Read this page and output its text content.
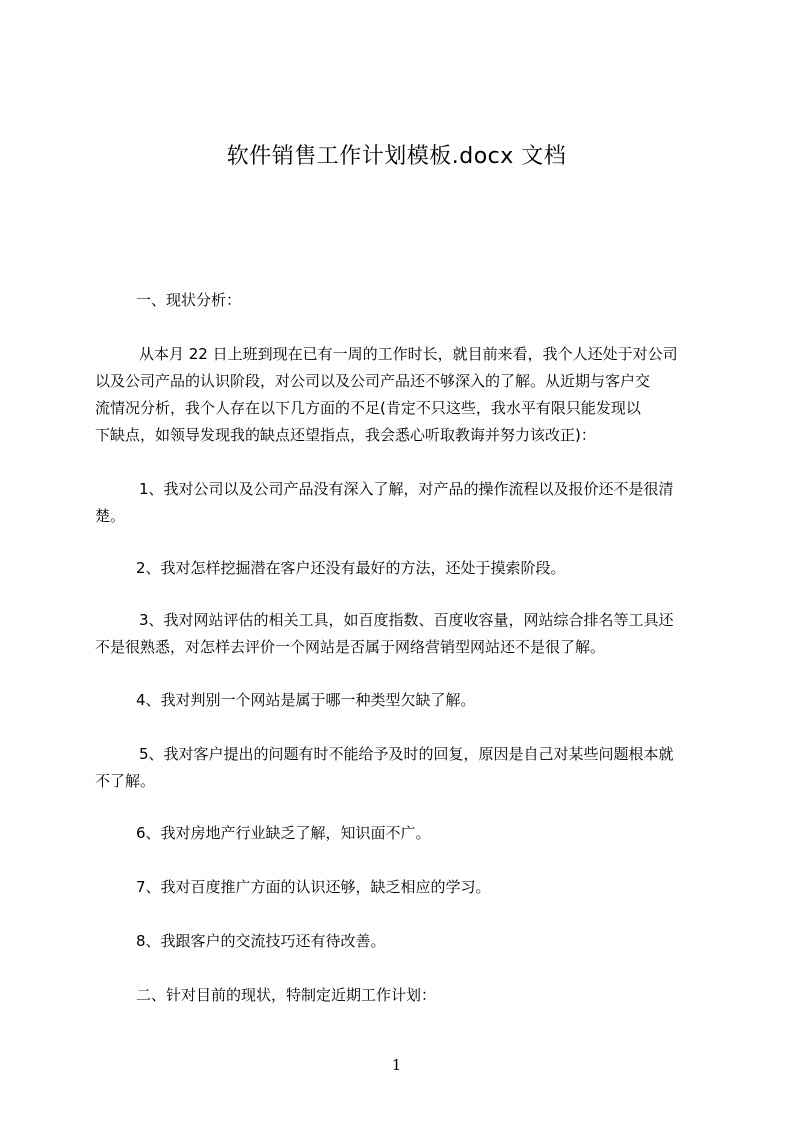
软件销售工作计划模板.docx 文档
一、现状分析：
从本月 22 日上班到现在已有一周的工作时长，就目前来看，我个人还处于对公司
以及公司产品的认识阶段，对公司以及公司产品还不够深入的了解。从近期与客户交
流情况分析，我个人存在以下几方面的不足(肯定不只这些，我水平有限只能发现以
下缺点，如领导发现我的缺点还望指点，我会悉心听取教诲并努力该改正)：
1、我对公司以及公司产品没有深入了解，对产品的操作流程以及报价还不是很清
楚。
2、我对怎样挖掘潜在客户还没有最好的方法，还处于摸索阶段。
3、我对网站评估的相关工具，如百度指数、百度收容量，网站综合排名等工具还
不是很熟悉，对怎样去评价一个网站是否属于网络营销型网站还不是很了解。
4、我对判别一个网站是属于哪一种类型欠缺了解。
5、我对客户提出的问题有时不能给予及时的回复，原因是自己对某些问题根本就
不了解。
6、我对房地产行业缺乏了解，知识面不广。
7、我对百度推广方面的认识还够，缺乏相应的学习。
8、我跟客户的交流技巧还有待改善。
二、针对目前的现状，特制定近期工作计划：
1
